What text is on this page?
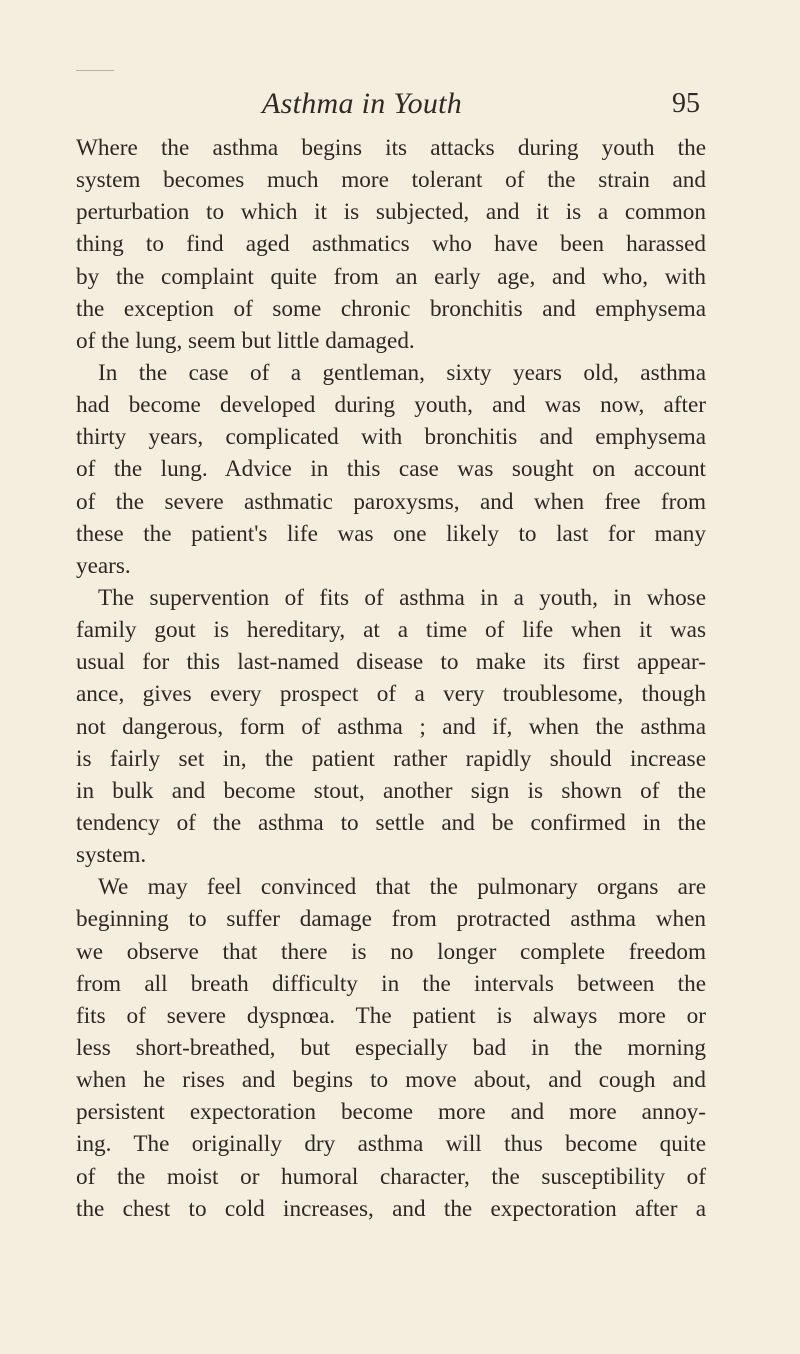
Asthma in Youth	95
Where the asthma begins its attacks during youth the
system becomes much more tolerant of the strain and
perturbation to which it is subjected, and it is a common
thing to find aged asthmatics who have been harassed
by the complaint quite from an early age, and who, with
the exception of some chronic bronchitis and emphysema
of the lung, seem but little damaged.
In the case of a gentleman, sixty years old, asthma
had become developed during youth, and was now, after
thirty years, complicated with bronchitis and emphysema
of the lung. Advice in this case was sought on account
of the severe asthmatic paroxysms, and when free from
these the patient's life was one likely to last for many
years.
The supervention of fits of asthma in a youth, in whose
family gout is hereditary, at a time of life when it was
usual for this last-named disease to make its first appear-
ance, gives every prospect of a very troublesome, though
not dangerous, form of asthma ; and if, when the asthma
is fairly set in, the patient rather rapidly should increase
in bulk and become stout, another sign is shown of the
tendency of the asthma to settle and be confirmed in the
system.
We may feel convinced that the pulmonary organs are
beginning to suffer damage from protracted asthma when
we observe that there is no longer complete freedom
from all breath difficulty in the intervals between the
fits of severe dyspnœa. The patient is always more or
less short-breathed, but especially bad in the morning
when he rises and begins to move about, and cough and
persistent expectoration become more and more annoy-
ing. The originally dry asthma will thus become quite
of the moist or humoral character, the susceptibility of
the chest to cold increases, and the expectoration after a
